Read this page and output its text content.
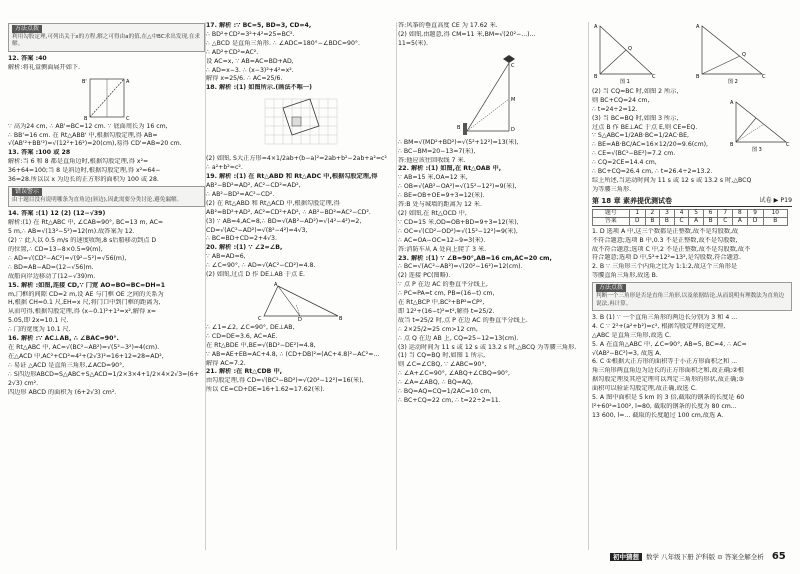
方法点拨
利用勾股定理,可列出关于x的方程,解之可得由a的值,在△中BC求出发现,在求解。
12. 答案 :40
解析:将礼盒侧面展开如下.
B'	A
B	C
∵ 高为24 cm, ∴ AB'=BC=12 cm. ∵ 底面周长为 16 cm,
∴ BB'=16 cm. 在 Rt△ABB' 中,根据勾股定理,得 AB=
√(AB'²+BB'²)=√(12²+16²)=20(cm),易得 CD'=AB=20 cm.
13. 答案 :100 或 28
解析:当 6 和 8 都是直角边时,根据勾股定理,得 x²=
36+64=100;当 8 是斜边时,根据勾股定理,得 x²=64−
36=28.所以以 x 为边长的正方形的面积为 100 或 28.
错误警示
由于题目没有说明哪条为直角边(斜边),因此需要分类讨论,避免漏解。
14. 答案 :(1) 12 (2) (12−√39)
解析:(1) 在 Rt△ABC 中, ∠CAB=90°, BC=13 m, AC=
5 m,∴ AB=√(13²−5²)=12(m).故答案为 12.
(2) ∵ 此人以 0.5 m/s 的速度收绳,8 s后船移动到点 D
的位置,∴ CD=13−8×0.5=9(m),
∴ AD=√(CD²−AC²)=√(9²−5²)=√56(m),
∴ BD=AB−AD=(12−√56)m.
故船向岸边移动了(12−√39)m.
15. 解析 :如图,连接 CD,∵ 门宽 AO=BO=BC=DH=1
m,门框的间隙 CD=2 m,设 AE 与门框 OE 之间的关系为
H,根据 CH=0.1 尺,EH=x 尺,将门口中到门框的距离为,
从而可得,根据勾股定理,得 (x−0.1)²+1²=x²,解得 x=
5.05,即 2x=10.1 尺.
∴ 门的宽度为 10.1 尺.
16. 解析 :∵ AC⊥AB, ∴ ∠BAC=90°.
在 Rt△ABC 中, AC=√(BC²−AB²)=√(5²−3²)=4(cm).
在△ACD 中,AC²+CD²=4²+(2√3)²=16+12=28=AD²,
∴ 易证 △ACD 是直角三角形,∠ACD=90°,
∴ S四边形ABCD=S△ABC+S△ACD=1/2×3×4+1/2×4×2√3=(6+
2√3) cm².
四边形 ABCD 的面积为 (6+2√3) cm².
17. 解析 :∵ BC=5, BD=3, CD=4,
∴ BD²+CD²=3²+4²=25=BC².
∴ △BCD 是直角三角形. ∴ ∠ADC=180°−∠BDC=90°.
∴ AD²+CD²=AC².
设 AC=x, ∵ AB=AC=BD+AD,
∴ AD=x−3. ∴ (x−3)²+4²=x².
解得 x=25/6. ∴ AC=25/6.
18. 解析 :(1) 如图所示.(画法不唯一)
(2) 如图, S大正方形=4×1/2ab+(b−a)²=2ab+b²−2ab+a²=c²
∴ a²+b²=c².
19. 解析 :(1) 在 Rt△ABD 和 Rt△ADC 中,根据勾股定理,得
AB²−BD²=AD², AC²−CD²=AD²,
∴ AB²−BD²=AC²−CD².
(2) 在 Rt△ABD 和 Rt△ACD 中,根据勾股定理,得
AB²=BD²+AD², AC²=CD²+AD², ∴ AB²−BD²=AC²−CD².
(3) ∵ AB=4,AC=8,∴ BD=√(AB²−AD²)=√(4²−4²)=2,
CD=√(AC²−AD²)=√(8²−4²)=4√3,
∴ BC=BD+CD=2+4√3.
20. 解析 :(1) ∵ ∠2=∠B,
∵ AB=AD=6,
∴ ∠C=90°, ∴ AD=√(AC²−CD²)=4.8.
(2) 如图,过点 D 作 DE⊥AB 于点 E.
C	B
A
D
∴ ∠1=∠2, ∠C=90°, DE⊥AB,
∴ CD=DE=3.6, AC=AE.
在 Rt△BDE 中,BE=√(BD²−DE²)=4.8,
∵ AB=AE+EB=AC+4.8, ∴ (CD+DB)²=(AC+4.8)²−AC²=...
解得 AC=7.2.
21. 解析 :在 Rt△CDB 中,
由勾股定理,得 CD=√(BC²−BD²)=√(20²−12²)=16(米),
所以 CE=CD+DE=16+1.62=17.62(米).
答:风筝的垂直高度 CE 为 17.62 米.
(2) 如图,由题意,得 CM=11 米,BM=√(20²−...)...
11=5(米).
C
M
B	D
∴ BM=√(MD²+BD²)=√(5²+12²)=13(米),
∴ BC−BM=20−13=7(米),
答:他应该往回收线 7 米.
22. 解析 :(1) 如图,在 Rt△OAB 中,
∵ AB=15 米,OA=12 米,
∴ OB=√(AB²−OA²)=√(15²−12²)=9(米),
∴ BE=OB+OE=9+3=12(米).
答:B 处与城墙的距离为 12 米.
(2) 如图,在 Rt△OCD 中,
∵ CD=15 米,OD=OB+BD=9+3=12(米),
∴ OC=√(CD²−OD²)=√(15²−12²)=9(米),
∴ AC=OA−OC=12−9=3(米).
答:消防车从 A 处向上爬了 3 米.
23. 解析 :(1) ∵ ∠B=90°,AB=16 cm,AC=20 cm,
∴ BC=√(AC²−AB²)=√(20²−16²)=12(cm).
(2) 连接 PC(图略).
∵ 点 P 在边 AC 的垂直平分线上,
∴ PC=PA=t cm, PB=(16−t) cm,
在 Rt△BCP 中,BC²+BP²=CP²,
即 12²+(16−t)²=t²,解得 t=25/2.
故当 t=25/2 时,点 P 在边 AC 的垂直平分线上.
∴ 2×25/2=25 cm>12 cm,
∴ 点 Q 在边 AB 上, CQ=25−12=13(cm).
(3) 运动时间为 11 s 或 12 s 或 13.2 s 时,△BCQ 为等腰三角形.
(1) 当 CQ=BQ 时,如图 1 所示,
则 ∠C=∠CBQ, ∵ ∠ABC=90°,
∴ ∠A+∠C=90°, ∠ABQ+∠CBQ=90°,
∴ ∠A=∠ABQ, ∴ BQ=AQ,
∴ BQ=AQ=CQ=1/2AC=10 cm,
∴ BC+CQ=22 cm, ∴ t=22÷2=11.
A
B	C
Q
图 1
A
B	C
Q
图 2
(2) 当 CQ=BC 时,如图 2 所示,
则 BC+CQ=24 cm,
∴ t=24÷2=12.
(3) 当 BC=BQ 时,如图 3 所示,
过点 B 作 BE⊥AC 于点 E,则 CE=EQ.
∵ S△ABC=1/2AB·BC=1/2AC·BE,
∴ BE=AB·BC/AC=16×12/20=9.6(cm),
∴ CE=√(BC²−BE²)=7.2 cm.
∴ CQ=2CE=14.4 cm,
∴ BC+CQ=26.4 cm, ∴ t=26.4÷2=13.2.
综上所述,当运动时间为 11 s 或 12 s 或 13.2 s 时,△BCQ
为等腰三角形.
A
B	C
图 3
第 18 章 素养提优测试卷	试卷 ▶ P19
题号	1	2	3	4	5	6	7	8	9	10
答案	D	B	B	C	A	B	C	A	D	B
1. D 选项 A 中,这三个数都是正整数,故不是勾股数,故
不符合题意;选项 B 中,0.3 不是正整数,故不是勾股数,
故不符合题意;选项 C 中,2 不是正整数,故不是勾股数,故不
符合题意;选项 D 中,5²+12²=13²,是勾股数,符合题意.
2. B ∵ 三角形三个内角之比为 1:1:2,故这个三角形是
等腰直角三角形,故选 B.
方法点拨
判断一个三角形是否是直角三角形,以及依据结论,从而说明有理数法为直角边说法,再计算。
3. B (1) ∵ 一个直角三角形的两边长分别为 3 和 4 ...
4. C ∵ 2²+(a²+b²)=c², 根据勾股定理的逆定理,
△ABC 是直角三角形,故选 C.
5. A 在直角△ABC 中, ∠C=90°, AB=5, BC=4, ∴ AC=
√(AB²−BC²)=3, 故选 A.
6. C ①根据大正方形的面积等于小正方形面积之和 ...
角三角形两直角边为边长的正方形面积之和,故正确;②根
据勾股定理及其逆定理可以判定三角形的形状,故正确;③
面积可以验证勾股定理,故正确,故选 C.
5. A 图中面积是 5 km 的 3 倍,截取的钢条的长度是 60
l²+60²=100², l=80, 截取的钢条的长度为 80 cm...
13 600, l=... 截取的长度超过 100 cm,故选 A.
初中猜想 数学 八年级下册 沪科版 ⊙ 答案全解全析 65
